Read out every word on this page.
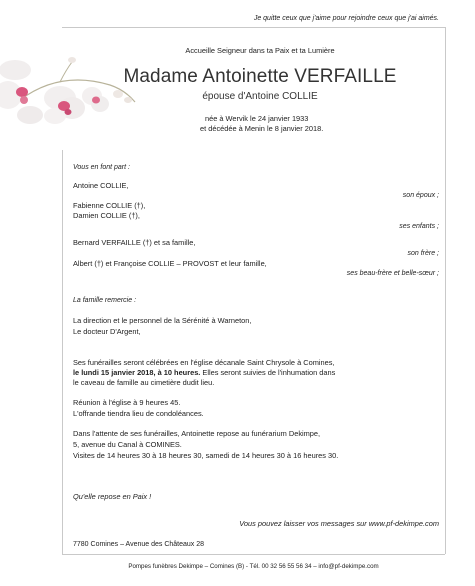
Je quitte ceux que j'aime pour rejoindre ceux que j'ai aimés.
Accueille Seigneur dans ta Paix et ta Lumière
Madame Antoinette VERFAILLE
épouse d'Antoine COLLIE
née à Wervik le 24 janvier 1933
et décédée à Menin le 8 janvier 2018.
Vous en font part :
Antoine COLLIE,
son époux ;
Fabienne COLLIE (†),
Damien COLLIE (†),
ses enfants ;
Bernard VERFAILLE (†) et sa famille,
son frère ;
Albert (†) et Françoise COLLIE – PROVOST et leur famille,
ses beau-frère et belle-sœur ;
La famille remercie :
La direction et le personnel de la Sérénité à Warneton,
Le docteur D'Argent,
Ses funérailles seront célébrées en l'église décanale Saint Chrysole à Comines,
le lundi 15 janvier 2018, à 10 heures. Elles seront suivies de l'inhumation dans
le caveau de famille au cimetière dudit lieu.
Réunion à l'église à 9 heures 45.
L'offrande tiendra lieu de condoléances.
Dans l'attente de ses funérailles, Antoinette repose au funérarium Dekimpe,
5, avenue du Canal à COMINES.
Visites de 14 heures 30 à 18 heures 30, samedi de 14 heures 30 à 16 heures 30.
Qu'elle repose en Paix !
Vous pouvez laisser vos messages sur www.pf-dekimpe.com
7780 Comines – Avenue des Châteaux 28
Pompes funèbres Dekimpe – Comines (B) - Tél. 00 32 56 55 56 34 – info@pf-dekimpe.com
